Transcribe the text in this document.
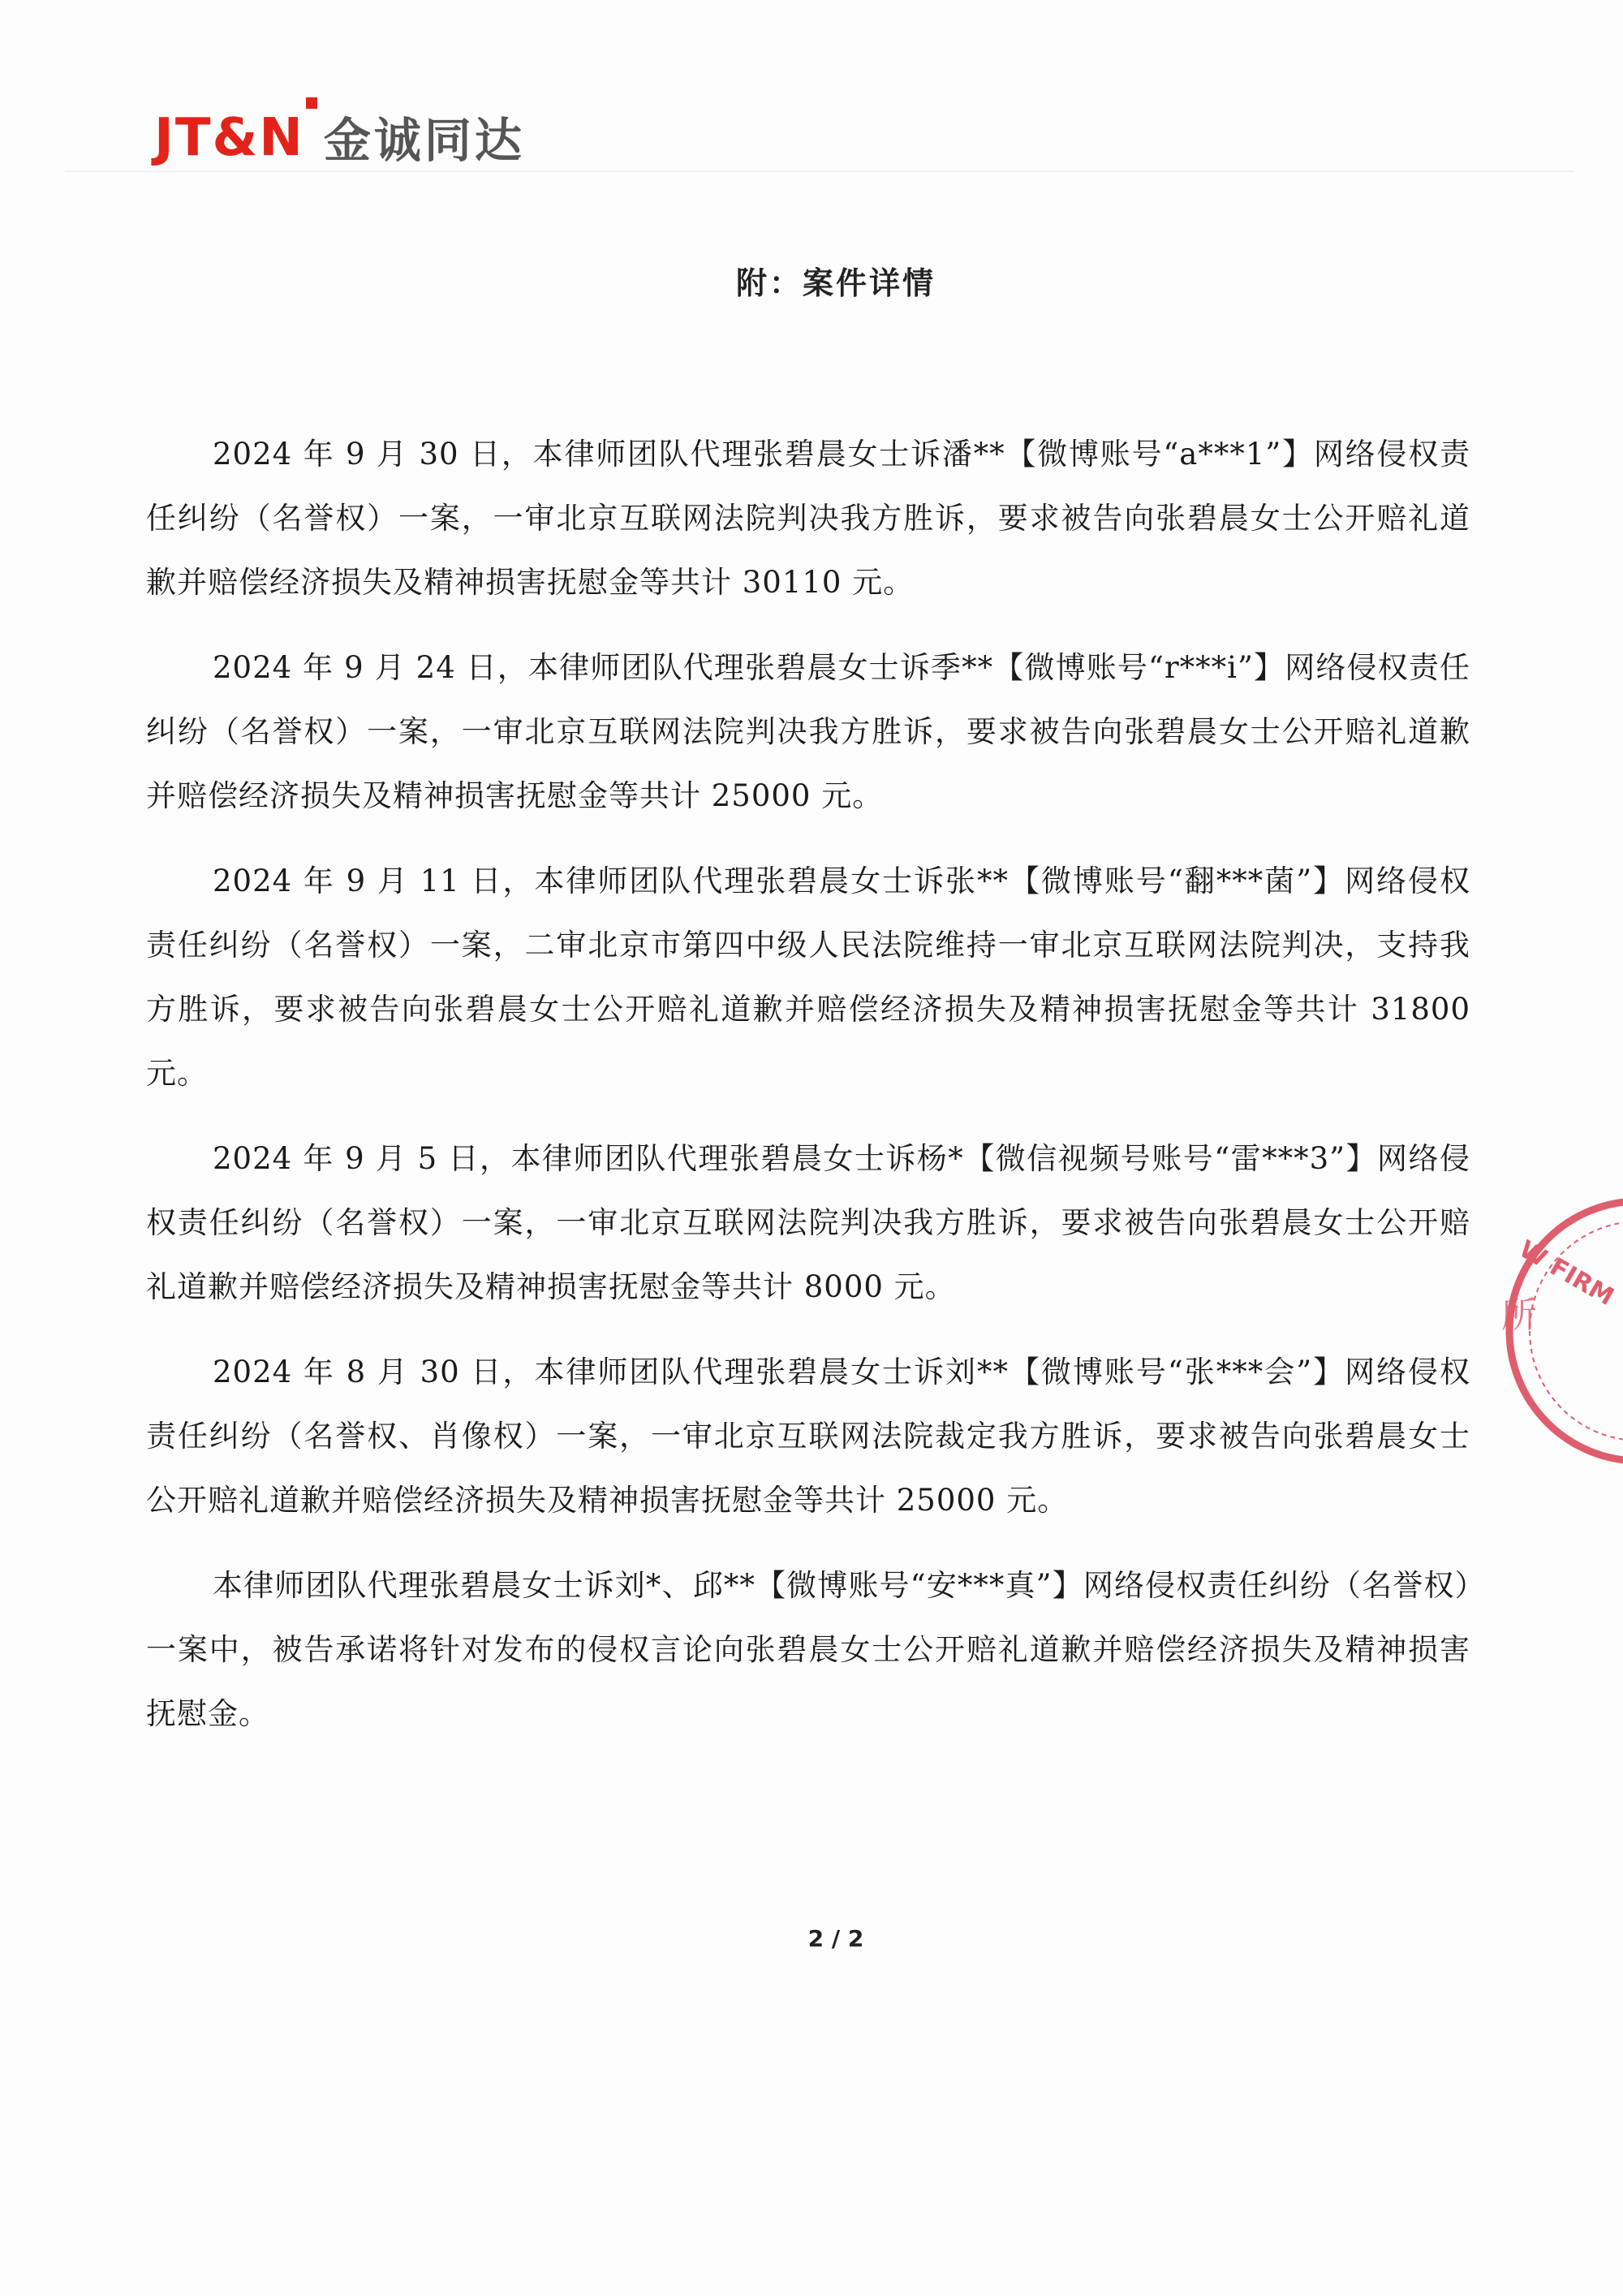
JT&N 金诚同达
附：案件详情

2024 年 9 月 30 日，本律师团队代理张碧晨女士诉潘**【微博账号“a***1”】网络侵权责任纠纷（名誉权）一案，一审北京互联网法院判决我方胜诉，要求被告向张碧晨女士公开赔礼道歉并赔偿经济损失及精神损害抚慰金等共计 30110 元。

2024 年 9 月 24 日，本律师团队代理张碧晨女士诉季**【微博账号“r***i”】网络侵权责任纠纷（名誉权）一案，一审北京互联网法院判决我方胜诉，要求被告向张碧晨女士公开赔礼道歉并赔偿经济损失及精神损害抚慰金等共计 25000 元。

2024 年 9 月 11 日，本律师团队代理张碧晨女士诉张**【微博账号“翻***菌”】网络侵权责任纠纷（名誉权）一案，二审北京市第四中级人民法院维持一审北京互联网法院判决，支持我方胜诉，要求被告向张碧晨女士公开赔礼道歉并赔偿经济损失及精神损害抚慰金等共计 31800 元。

2024 年 9 月 5 日，本律师团队代理张碧晨女士诉杨*【微信视频号账号“雷***3”】网络侵权责任纠纷（名誉权）一案，一审北京互联网法院判决我方胜诉，要求被告向张碧晨女士公开赔礼道歉并赔偿经济损失及精神损害抚慰金等共计 8000 元。

2024 年 8 月 30 日，本律师团队代理张碧晨女士诉刘**【微博账号“张***会”】网络侵权责任纠纷（名誉权、肖像权）一案，一审北京互联网法院裁定我方胜诉，要求被告向张碧晨女士公开赔礼道歉并赔偿经济损失及精神损害抚慰金等共计 25000 元。

本律师团队代理张碧晨女士诉刘*、邱**【微博账号“安***真”】网络侵权责任纠纷（名誉权）一案中，被告承诺将针对发布的侵权言论向张碧晨女士公开赔礼道歉并赔偿经济损失及精神损害抚慰金。

2 / 2
W FIRM
所
